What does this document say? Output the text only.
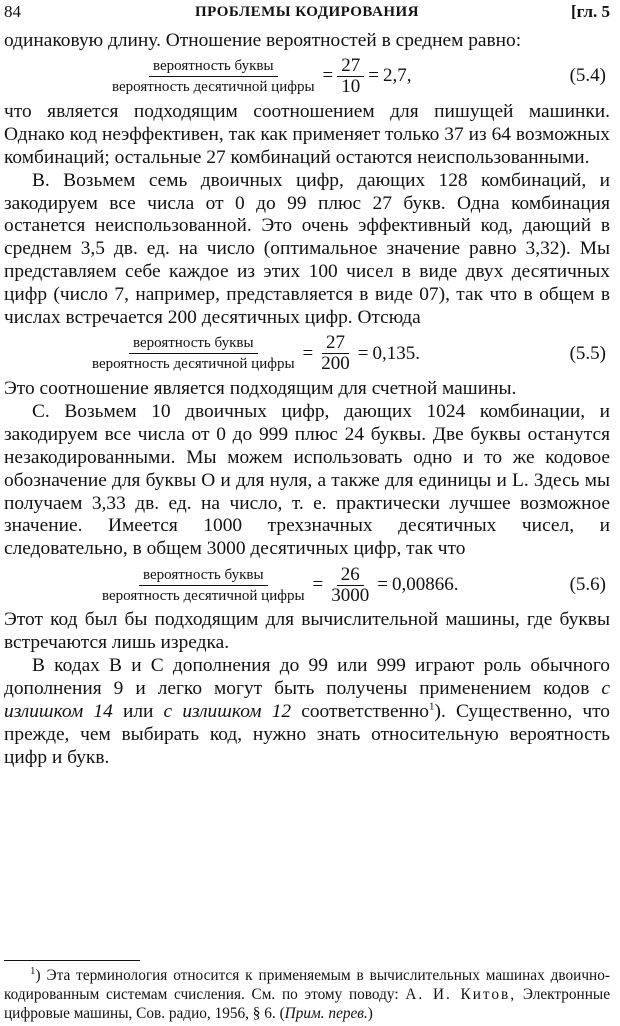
84	ПРОБЛЕМЫ КОДИРОВАНИЯ	[гл. 5

одинаковую длину. Отношение вероятностей в среднем равно:

$\frac{\text{вероятность буквы}}{\text{вероятность десятичной цифры}} = \frac{27}{10} = 2,7$,	(5.4)

что является подходящим соотношением для пишущей машинки. Однако код неэффективен, так как применяет только 37 из 64 возможных комбинаций; остальные 27 комбинаций остаются неиспользованными.

В. Возьмем семь двоичных цифр, дающих 128 комбинаций, и закодируем все числа от 0 до 99 плюс 27 букв. Одна комбинация останется неиспользованной. Это очень эффективный код, дающий в среднем 3,5 дв. ед. на число (оптимальное значение равно 3,32). Мы представляем себе каждое из этих 100 чисел в виде двух десятичных цифр (число 7, например, представляется в виде 07), так что в общем в числах встречается 200 десятичных цифр. Отсюда

$\frac{\text{вероятность буквы}}{\text{вероятность десятичной цифры}} = \frac{27}{200} = 0,135$.	(5.5)

Это соотношение является подходящим для счетной машины.

С. Возьмем 10 двоичных цифр, дающих 1024 комбинации, и закодируем все числа от 0 до 999 плюс 24 буквы. Две буквы останутся незакодированными. Мы можем использовать одно и то же кодовое обозначение для буквы O и для нуля, а также для единицы и L. Здесь мы получаем 3,33 дв. ед. на число, т. е. практически лучшее возможное значение. Имеется 1000 трехзначных десятичных чисел, и следовательно, в общем 3000 десятичных цифр, так что

$\frac{\text{вероятность буквы}}{\text{вероятность десятичной цифры}} = \frac{26}{3000} = 0,00866$.	(5.6)

Этот код был бы подходящим для вычислительной машины, где буквы встречаются лишь изредка.

В кодах В и С дополнения до 99 или 999 играют роль обычного дополнения 9 и легко могут быть получены применением кодов с излишком 14 или с излишком 12 соответственно$^1$). Существенно, что прежде, чем выбирать код, нужно знать относительную вероятность цифр и букв.

$^1$) Эта терминология относится к применяемым в вычислительных машинах двоично-кодированным системам счисления. См. по этому поводу: А. И. Китов, Электронные цифровые машины, Сов. радио, 1956, § 6. (Прим. перев.)
